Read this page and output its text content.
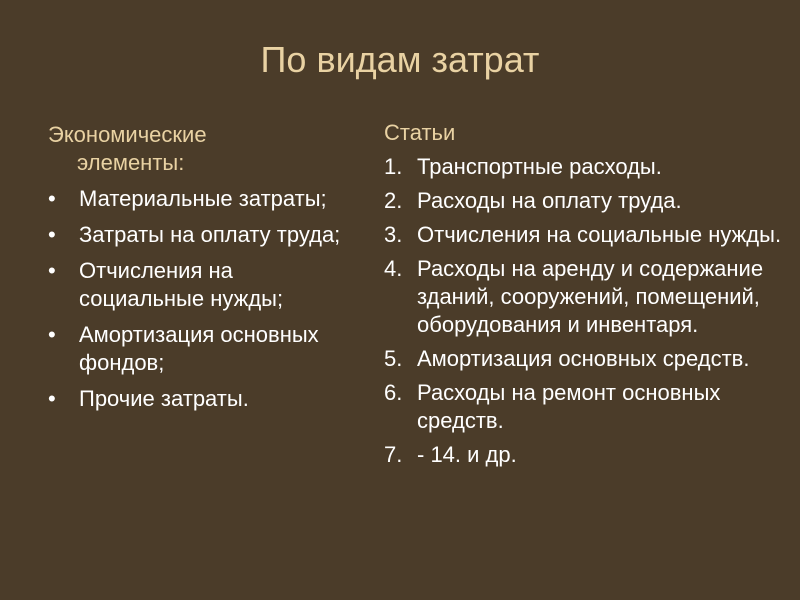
По видам затрат
Экономические элементы:
•	Материальные затраты;
•	Затраты на оплату труда;
•	Отчисления на социальные нужды;
•	Амортизация основных фондов;
•	Прочие затраты.
Статьи
1. Транспортные расходы.
2. Расходы на оплату труда.
3. Отчисления на социальные нужды.
4. Расходы на аренду и содержание зданий, сооружений, помещений, оборудования и инвентаря.
5. Амортизация основных средств.
6. Расходы на ремонт основных средств.
7. - 14. и др.
